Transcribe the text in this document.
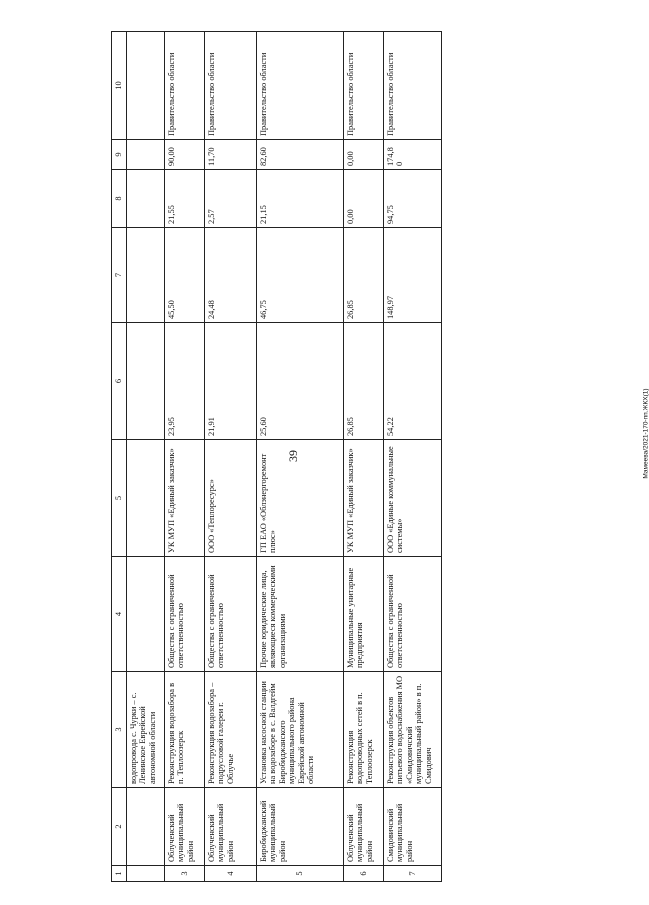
39	Мамеева/2021-170-пп.ЖКХ(1)
1	2	3	4	5	6	7	8	9	10
		водопровода с. Чурки – с. Ленинское Еврейской автономной области							
3	Облученский муниципальный район	Реконструкция водозабора в п. Теплоозерск	Общества с ограниченной ответственностью	УК МУП «Единый заказчик»	23,95	45,50	21,55	90,00	Правительство области
4	Облученский муниципальный район	Реконструкция водозабора – подрусловой галереи г. Облучье	Общества с ограниченной ответственностью	ООО «Теплоресурс»	21,91	24,48	2,57	11,70	Правительство области
5	Биробиджанский муниципальный район	Установка насосной станции на водозаборе в с. Валдгейм Биробиджанского муниципального района Еврейской автономной области	Прочие юридические лица, являющиеся коммерческими организациями	ГП ЕАО «Облэнергоремонт плюс»	25,60	46,75	21,15	82,60	Правительство области
6	Облученский муниципальный район	Реконструкция водопроводных сетей в п. Теплоозерск	Муниципальные унитарные предприятия	УК МУП «Единый заказчик»	26,85	26,85	0,00	0,00	Правительство области
7	Смидовичский муниципальный район	Реконструкция объектов питьевого водоснабжения МО «Смидовичский муниципальный район» в п. Смидович	Общества с ограниченной ответственностью	ООО «Единые коммунальные системы»	54,22	148,97	94,75	174,80	Правительство области
